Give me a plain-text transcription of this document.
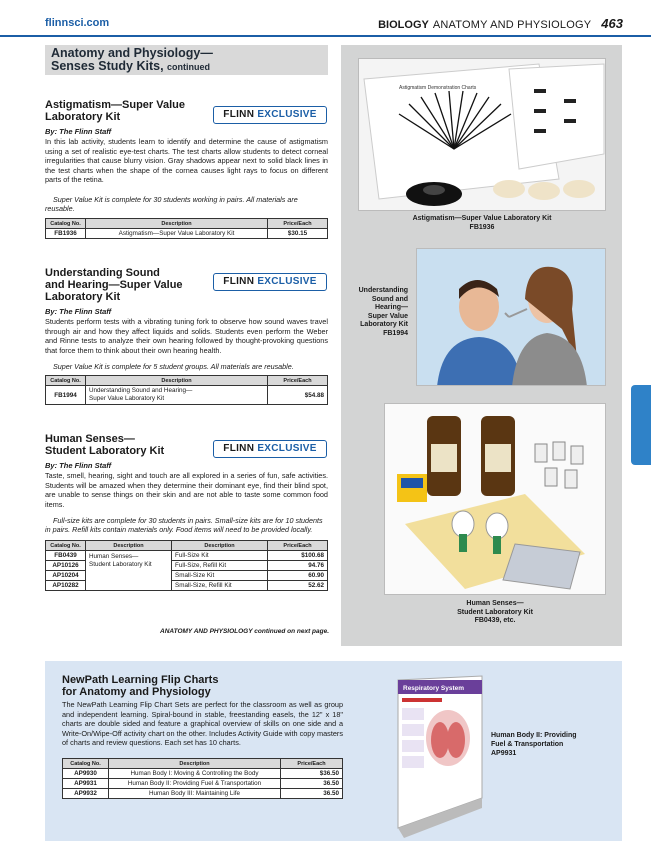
flinnsci.com	BIOLOGY ANATOMY AND PHYSIOLOGY 463
Anatomy and Physiology—
Senses Study Kits, continued
Astigmatism—Super Value
Laboratory Kit	FLINN EXCLUSIVE
By: The Flinn Staff
In this lab activity, students learn to identify and determine the cause of astigmatism using a set of realistic eye-test charts. The test charts allow students to detect corneal irregularities that cause blurry vision. Gray shadows appear next to solid black lines in the test charts when the shape of the cornea causes light rays to focus on different parts of the retina.
Super Value Kit is complete for 30 students working in pairs. All materials are reusable.
Catalog No.	Description	Price/Each
FB1936	Astigmatism—Super Value Laboratory Kit	$30.15
Understanding Sound
and Hearing—Super Value
Laboratory Kit
FLINN EXCLUSIVE
By: The Flinn Staff
Students perform tests with a vibrating tuning fork to observe how sound waves travel through air and how they affect liquids and solids. Students even perform the Weber and Rinne tests to analyze their own hearing followed by thought-provoking questions that force them to think about their own hearing health.
Super Value Kit is complete for 5 student groups. All materials are reusable.
Catalog No.	Description	Price/Each
FB1994	Understanding Sound and Hearing—
Super Value Laboratory Kit	$54.88
Human Senses—
Student Laboratory Kit	FLINN EXCLUSIVE
By: The Flinn Staff
Taste, smell, hearing, sight and touch are all explored in a series of fun, safe activities. Students will be amazed when they determine their dominant eye, find their blind spot, are unable to sense things on their skin and are not able to taste some common food items.
Full-size kits are complete for 30 students in pairs. Small-size kits are for 10 students in pairs. Refill kits contain materials only. Food items will need to be provided locally.
Catalog No.	Description	Description	Price/Each
FB0439	Human Senses—
Student Laboratory Kit	Full-Size Kit	$100.68
AP10126		Full-Size, Refill Kit	94.76
AP10204		Small-Size Kit	60.90
AP10282		Small-Size, Refill Kit	52.62
ANATOMY AND PHYSIOLOGY continued on next page.
Astigmatism Demonstration Charts
Astigmatism—Super Value Laboratory Kit
FB1936
Understanding
Sound and
Hearing—
Super Value
Laboratory Kit
FB1994
Human Senses—
Student Laboratory Kit
FB0439, etc.
NewPath Learning Flip Charts
for Anatomy and Physiology
The NewPath Learning Flip Chart Sets are perfect for the classroom as well as group and independent learning. Spiral-bound in stable, freestanding easels, the 12" x 18" charts are double sided and feature a graphical overview of skills on one side and a Write-On/Wipe-Off activity chart on the other. Includes Activity Guide with copy masters of charts and review questions. Each set has 10 charts.
Catalog No.	Description	Price/Each
AP9930	Human Body I: Moving & Controlling the Body	$36.50
AP9931	Human Body II: Providing Fuel & Transportation	36.50
AP9932	Human Body III: Maintaining Life	36.50
Respiratory System
Human Body II: Providing
Fuel & Transportation
AP9931
